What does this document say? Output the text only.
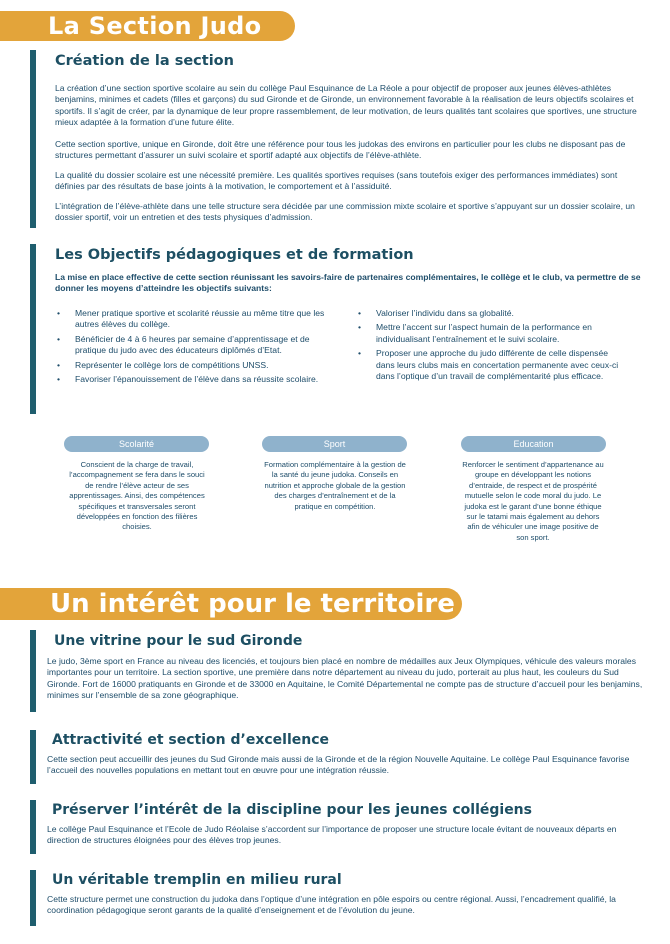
La Section Judo
Création de la section

La création d’une section sportive scolaire au sein du collège Paul Esquinance de La Réole a pour objectif de proposer aux jeunes élèves-athlètes benjamins, minimes et cadets (filles et garçons) du sud Gironde et de Gironde, un environnement favorable à la réalisation de leurs objectifs scolaires et sportifs. Il s’agit de créer, par la dynamique de leur propre rassemblement, de leur motivation, de leurs qualités tant scolaires que sportives, une structure mieux adaptée à la formation d’une future élite.

Cette section sportive, unique en Gironde, doit être une référence pour tous les judokas des environs en particulier pour les clubs ne disposant pas de structures permettant d’assurer un suivi scolaire et sportif adapté aux objectifs de l’élève-athlète.

La qualité du dossier scolaire est une nécessité première. Les qualités sportives requises (sans toutefois exiger des performances immédiates) sont définies par des résultats de base joints à la motivation, le comportement et à l’assiduité.

L’intégration de l’élève-athlète dans une telle structure sera décidée par une commission mixte scolaire et sportive s’appuyant sur un dossier scolaire, un dossier sportif, voir un entretien et des tests physiques d’admission.

Les Objectifs pédagogiques et de formation
La mise en place effective de cette section réunissant les savoirs-faire de partenaires complémentaires, le collège et le club, va permettre de se donner les moyens d’atteindre les objectifs suivants:
• Mener pratique sportive et scolarité réussie au même titre que les autres élèves du collège.
• Bénéficier de 4 à 6 heures par semaine d’apprentissage et de pratique du judo avec des éducateurs diplômés d’Etat.
• Représenter le collège lors de compétitions UNSS.
• Favoriser l’épanouissement de l’élève dans sa réussite scolaire.
• Valoriser l’individu dans sa globalité.
• Mettre l’accent sur l’aspect humain de la performance en individualisant l’entraînement et le suivi scolaire.
• Proposer une approche du judo différente de celle dispensée dans leurs clubs mais en concertation permanente avec ceux-ci dans l’optique d’un travail de complémentarité plus efficace.
Scolarité
Conscient de la charge de travail, l’accompagnement se fera dans le souci de rendre l’élève acteur de ses apprentissages. Ainsi, des compétences spécifiques et transversales seront développées en fonction des filières choisies.
Sport
Formation complémentaire à la gestion de la santé du jeune judoka. Conseils en nutrition et approche globale de la gestion des charges d’entraînement et de la pratique en compétition.
Education
Renforcer le sentiment d’appartenance au groupe en développant les notions d’entraide, de respect et de prospérité mutuelle selon le code moral du judo. Le judoka est le garant d’une bonne éthique sur le tatami mais également au dehors afin de véhiculer une image positive de son sport.
Un intérêt pour le territoire
Une vitrine pour le sud Gironde

Le judo, 3ème sport en France au niveau des licenciés, et toujours bien placé en nombre de médailles aux Jeux Olympiques, véhicule des valeurs morales importantes pour un territoire. La section sportive, une première dans notre département au niveau du judo, porterait au plus haut, les couleurs du Sud Gironde. Fort de 16000 pratiquants en Gironde et de 33000 en Aquitaine, le Comité Départemental ne compte pas de structure d’accueil pour les benjamins, minimes sur l’ensemble de sa zone géographique.

Attractivité et section d’excellence

Cette section peut accueillir des jeunes du Sud Gironde mais aussi de la Gironde et de la région Nouvelle Aquitaine. Le collège Paul Esquinance favorise l’accueil des nouvelles populations en mettant tout en œuvre pour une intégration réussie.

Préserver l’intérêt de la discipline pour les jeunes collégiens

Le collège Paul Esquinance et l’Ecole de Judo Réolaise s’accordent sur l’importance de proposer une structure locale évitant de nouveaux départs en direction de structures éloignées pour des élèves trop jeunes.

Un véritable tremplin en milieu rural

Cette structure permet une construction du judoka dans l’optique d’une intégration en pôle espoirs ou centre régional. Aussi, l’encadrement qualifié, la coordination pédagogique seront garants de la qualité d’enseignement et de l’évolution du jeune.
